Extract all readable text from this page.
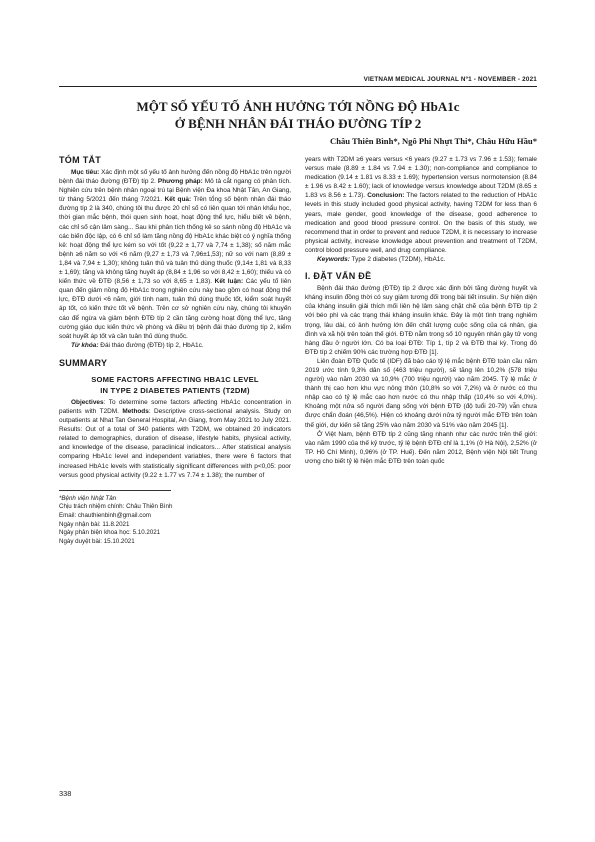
VIETNAM MEDICAL JOURNAL Nº1 - NOVEMBER - 2021
MỘT SỐ YẾU TỐ ẢNH HƯỞNG TỚI NỒNG ĐỘ HbA1c
Ở BỆNH NHÂN ĐÁI THÁO ĐƯỜNG TÍP 2
Châu Thiên Bình*, Ngô Phi Nhựt Thi*, Châu Hữu Hầu*
TÓM TẮT

Mục tiêu: Xác định một số yếu tố ảnh hưởng đến nồng độ HbA1c trên người bệnh đái tháo đường (ĐTĐ) típ 2. Phương pháp: Mô tả cắt ngang có phân tích. Nghiên cứu trên bệnh nhân ngoại trú tại Bệnh viện Đa khoa Nhật Tân, An Giang, từ tháng 5/2021 đến tháng 7/2021. Kết quả: Trên tổng số bệnh nhân đái tháo đường típ 2 là 340, chúng tôi thu được 20 chỉ số có liên quan tới nhân khẩu học, thời gian mắc bệnh, thói quen sinh hoạt, hoạt động thể lực, hiểu biết về bệnh, các chỉ số cận lâm sàng... Sau khi phân tích thống kê so sánh nồng độ HbA1c và các biến độc lập, có 6 chỉ số làm tăng nồng độ HbA1c khác biệt có ý nghĩa thống kê: hoạt động thể lực kém so với tốt (9,22 ± 1,77 và 7,74 ± 1,38); số năm mắc bệnh ≥6 năm so với <6 năm (9,27 ± 1,73 và 7,96±1,53); nữ so với nam (8,89 ± 1,84 và 7,94 ± 1,30); không tuân thủ và tuân thủ dùng thuốc (9,14± 1,81 và 8,33 ± 1,69); tăng và không tăng huyết áp (8,84 ± 1,96 so với 8,42 ± 1,60); thiếu và có kiến thức về ĐTĐ (8,56 ± 1,73 so với 8,65 ± 1,83). Kết luận: Các yếu tố liên quan đến giảm nồng độ HbA1c trong nghiên cứu này bao gồm có hoạt động thể lực, ĐTĐ dưới <6 năm, giới tính nam, tuân thủ dùng thuốc tốt, kiểm soát huyết áp tốt, có kiến thức tốt về bệnh. Trên cơ sở nghiên cứu này, chúng tôi khuyến cáo để ngừa và giảm bệnh ĐTĐ típ 2 cần tăng cường hoạt động thể lực, tăng cường giáo dục kiến thức về phòng và điều trị bệnh đái tháo đường típ 2, kiểm soát huyết áp tốt và cần tuân thủ dùng thuốc.

Từ khóa: Đái tháo đường (ĐTĐ) típ 2, HbA1c.

SUMMARY
SOME FACTORS AFFECTING HBA1C LEVEL
IN TYPE 2 DIABETES PATIENTS (T2DM)

Objectives: To determine some factors affecting HbA1c concentration in patients with T2DM. Methods: Descriptive cross-sectional analysis. Study on outpatients at Nhat Tan General Hospital, An Giang, from May 2021 to July 2021. Results: Out of a total of 340 patients with T2DM, we obtained 20 indicators related to demographics, duration of disease, lifestyle habits, physical activity, and knowledge of the disease, paraclinical indicators... After statistical analysis comparing HbA1c level and independent variables, there were 6 factors that increased HbA1c levels with statistically significant differences with p<0,05: poor versus good physical activity (9.22 ± 1.77 vs 7.74 ± 1.38); the number of

*Bệnh viện Nhật Tân
Chịu trách nhiệm chính: Châu Thiên Bình
Email: chauthienbinh@gmail.com
Ngày nhận bài: 11.8.2021
Ngày phản biện khoa học: 5.10.2021
Ngày duyệt bài: 15.10.2021

years with T2DM ≥6 years versus <6 years (9.27 ± 1.73 vs 7.96 ± 1.53); female versus male (8.89 ± 1.84 vs 7.94 ± 1.30); non-compliance and compliance to medication (9.14 ± 1.81 vs 8.33 ± 1.69); hypertension versus normotension (8.84 ± 1.96 vs 8.42 ± 1.60); lack of knowledge versus knowledge about T2DM (8.65 ± 1.83 vs 8.56 ± 1.73). Conclusion: The factors related to the reduction of HbA1c levels in this study included good physical activity, having T2DM for less than 6 years, male gender, good knowledge of the disease, good adherence to medication and good blood pressure control. On the basis of this study, we recommend that in order to prevent and reduce T2DM, it is necessary to increase physical activity, increase knowledge about prevention and treatment of T2DM, control blood pressure well, and drug compliance.

Keywords: Type 2 diabetes (T2DM), HbA1c.

I. ĐẶT VẤN ĐỀ

Bệnh đái tháo đường (ĐTĐ) típ 2 được xác định bởi tăng đường huyết và kháng insulin đồng thời có suy giảm tương đối trong bài tiết insulin. Sự hiện diện của kháng insulin giải thích mối liên hệ lâm sàng chặt chẽ của bệnh ĐTĐ típ 2 với béo phì và các trạng thái kháng insulin khác. Đây là một tình trạng nghiêm trọng, lâu dài, có ảnh hưởng lớn đến chất lượng cuộc sống của cá nhân, gia đình và xã hội trên toàn thế giới. ĐTĐ nằm trong số 10 nguyên nhân gây tử vong hàng đầu ở người lớn. Có ba loại ĐTĐ: Típ 1, típ 2 và ĐTĐ thai kỳ. Trong đó ĐTĐ típ 2 chiếm 90% các trường hợp ĐTĐ [1].

Liên đoàn ĐTĐ Quốc tế (IDF) đã báo cáo tỷ lệ mắc bệnh ĐTĐ toàn cầu năm 2019 ước tính 9,3% dân số (463 triệu người), sẽ tăng lên 10,2% (578 triệu người) vào năm 2030 và 10,9% (700 triệu người) vào năm 2045. Tỷ lệ mắc ở thành thị cao hơn khu vực nông thôn (10,8% so với 7,2%) và ở nước có thu nhập cao có tỷ lệ mắc cao hơn nước có thu nhập thấp (10,4% so với 4,0%). Khoảng một nửa số người đang sống với bệnh ĐTĐ (độ tuổi 20-79) vẫn chưa được chẩn đoán (46,5%). Hiện có khoảng dưới nửa tỷ người mắc ĐTĐ trên toàn thế giới, dự kiến sẽ tăng 25% vào năm 2030 và 51% vào năm 2045 [1].

Ở Việt Nam, bệnh ĐTĐ típ 2 cũng tăng nhanh như các nước trên thế giới: vào năm 1990 của thế kỷ trước, tỷ lệ bệnh ĐTĐ chỉ là 1,1% (ở Hà Nội), 2,52% (ở TP. Hồ Chí Minh), 0,96% (ở TP. Huế). Đến năm 2012, Bệnh viện Nội tiết Trung ương cho biết tỷ lệ hiện mắc ĐTĐ trên toàn quốc

338
